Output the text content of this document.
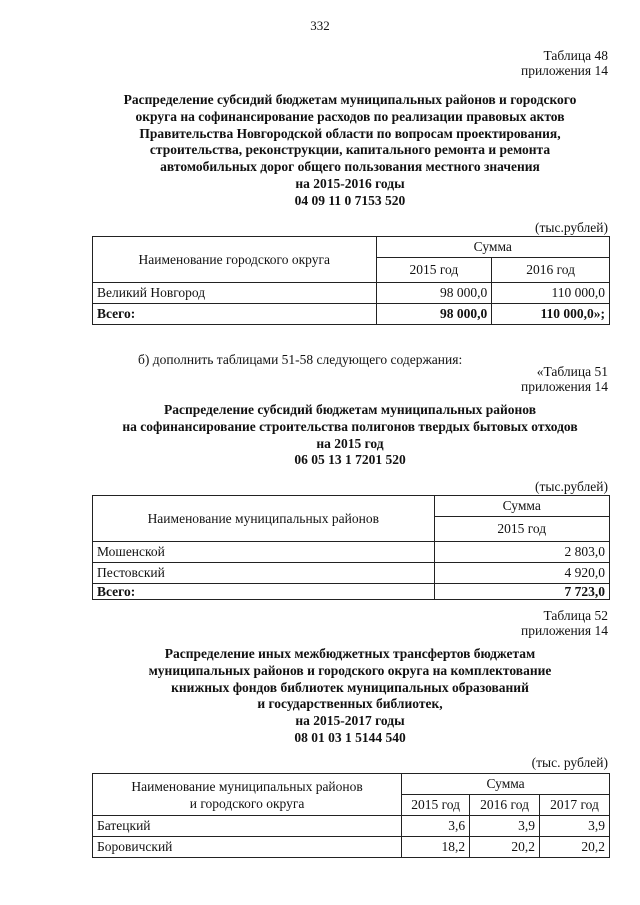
332
Таблица 48
приложения 14
Распределение субсидий бюджетам муниципальных районов и городского
округа на софинансирование расходов по реализации правовых актов
Правительства Новгородской области по вопросам проектирования,
строительства, реконструкции, капитального ремонта и ремонта
автомобильных дорог общего пользования местного значения
на 2015-2016 годы
04 09 11 0 7153 520
(тыс.рублей)
Наименование городского округа	Сумма	
	2015 год	2016 год
Великий Новгород	98 000,0	110 000,0
Всего:	98 000,0	110 000,0»;
б) дополнить таблицами 51-58 следующего содержания:
«Таблица 51
приложения 14
Распределение субсидий бюджетам муниципальных районов
на софинансирование строительства полигонов твердых бытовых отходов
на 2015 год
06 05 13 1 7201 520
(тыс.рублей)
Наименование муниципальных районов	Сумма
	2015 год
Мошенской	2 803,0
Пестовский	4 920,0
Всего:	7 723,0
Таблица 52
приложения 14
Распределение иных межбюджетных трансфертов бюджетам
муниципальных районов и городского округа на комплектование
книжных фондов библиотек муниципальных образований
и государственных библиотек,
на 2015-2017 годы
08 01 03 1 5144 540
(тыс. рублей)
Наименование муниципальных районов
и городского округа	Сумма		
	2015 год	2016 год	2017 год
Батецкий	3,6	3,9	3,9
Боровичский	18,2	20,2	20,2
